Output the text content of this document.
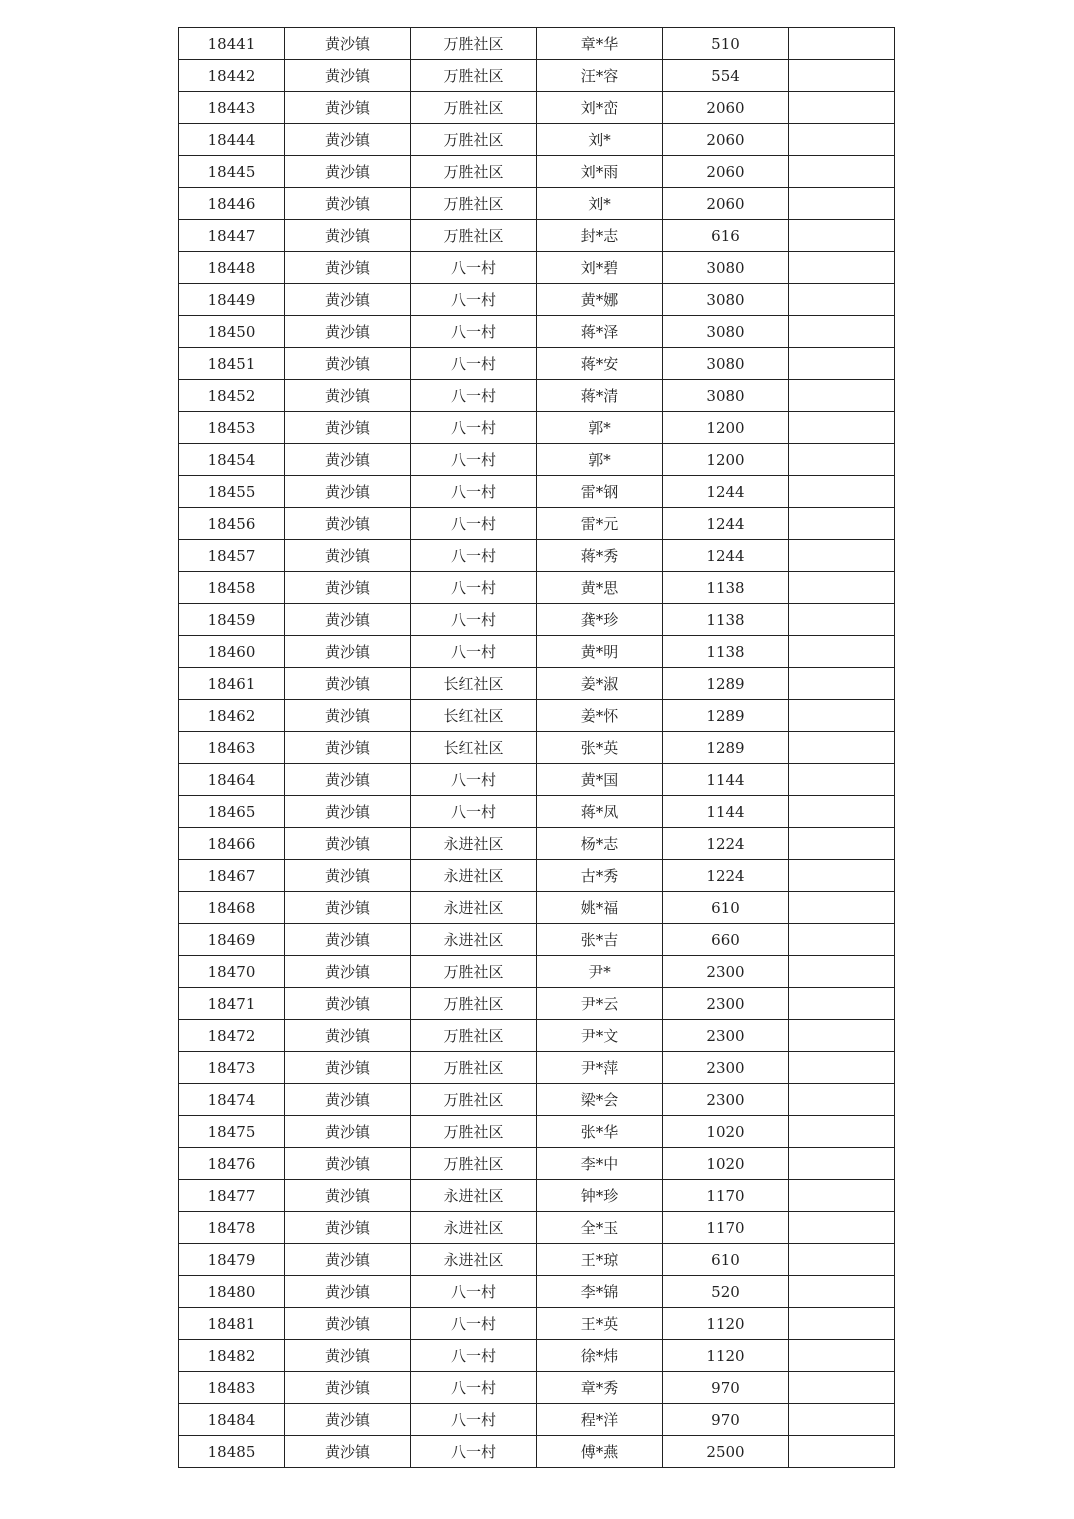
18441	黄沙镇	万胜社区	章*华	510	
18442	黄沙镇	万胜社区	汪*容	554	
18443	黄沙镇	万胜社区	刘*峦	2060	
18444	黄沙镇	万胜社区	刘*	2060	
18445	黄沙镇	万胜社区	刘*雨	2060	
18446	黄沙镇	万胜社区	刘*	2060	
18447	黄沙镇	万胜社区	封*志	616	
18448	黄沙镇	八一村	刘*碧	3080	
18449	黄沙镇	八一村	黄*娜	3080	
18450	黄沙镇	八一村	蒋*泽	3080	
18451	黄沙镇	八一村	蒋*安	3080	
18452	黄沙镇	八一村	蒋*清	3080	
18453	黄沙镇	八一村	郭*	1200	
18454	黄沙镇	八一村	郭*	1200	
18455	黄沙镇	八一村	雷*钢	1244	
18456	黄沙镇	八一村	雷*元	1244	
18457	黄沙镇	八一村	蒋*秀	1244	
18458	黄沙镇	八一村	黄*思	1138	
18459	黄沙镇	八一村	龚*珍	1138	
18460	黄沙镇	八一村	黄*明	1138	
18461	黄沙镇	长红社区	姜*淑	1289	
18462	黄沙镇	长红社区	姜*怀	1289	
18463	黄沙镇	长红社区	张*英	1289	
18464	黄沙镇	八一村	黄*国	1144	
18465	黄沙镇	八一村	蒋*凤	1144	
18466	黄沙镇	永进社区	杨*志	1224	
18467	黄沙镇	永进社区	古*秀	1224	
18468	黄沙镇	永进社区	姚*福	610	
18469	黄沙镇	永进社区	张*吉	660	
18470	黄沙镇	万胜社区	尹*	2300	
18471	黄沙镇	万胜社区	尹*云	2300	
18472	黄沙镇	万胜社区	尹*文	2300	
18473	黄沙镇	万胜社区	尹*萍	2300	
18474	黄沙镇	万胜社区	梁*会	2300	
18475	黄沙镇	万胜社区	张*华	1020	
18476	黄沙镇	万胜社区	李*中	1020	
18477	黄沙镇	永进社区	钟*珍	1170	
18478	黄沙镇	永进社区	全*玉	1170	
18479	黄沙镇	永进社区	王*琼	610	
18480	黄沙镇	八一村	李*锦	520	
18481	黄沙镇	八一村	王*英	1120	
18482	黄沙镇	八一村	徐*炜	1120	
18483	黄沙镇	八一村	章*秀	970	
18484	黄沙镇	八一村	程*洋	970	
18485	黄沙镇	八一村	傅*燕	2500	
